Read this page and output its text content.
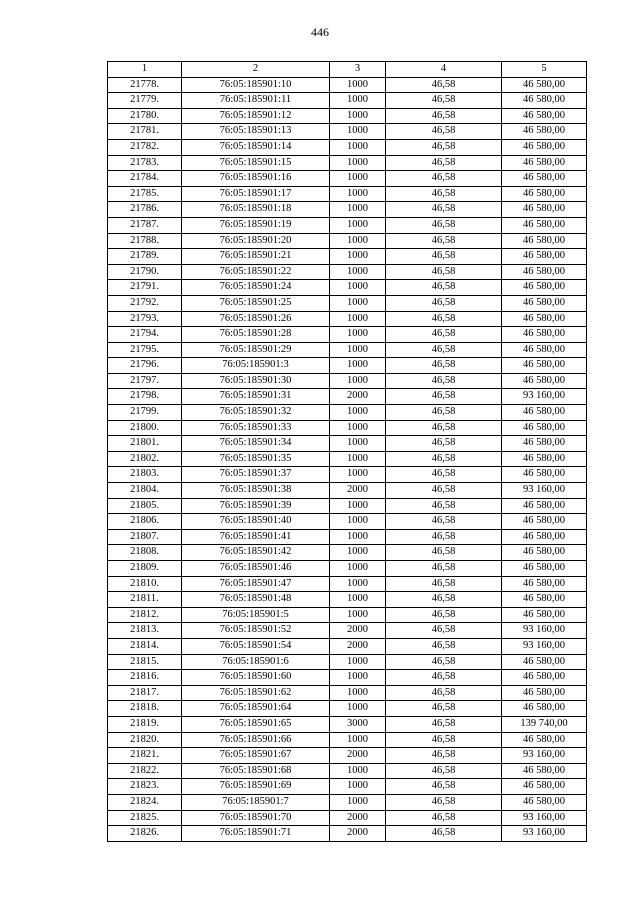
446
1	2	3	4	5
21778.	76:05:185901:10	1000	46,58	46 580,00
21779.	76:05:185901:11	1000	46,58	46 580,00
21780.	76:05:185901:12	1000	46,58	46 580,00
21781.	76:05:185901:13	1000	46,58	46 580,00
21782.	76:05:185901:14	1000	46,58	46 580,00
21783.	76:05:185901:15	1000	46,58	46 580,00
21784.	76:05:185901:16	1000	46,58	46 580,00
21785.	76:05:185901:17	1000	46,58	46 580,00
21786.	76:05:185901:18	1000	46,58	46 580,00
21787.	76:05:185901:19	1000	46,58	46 580,00
21788.	76:05:185901:20	1000	46,58	46 580,00
21789.	76:05:185901:21	1000	46,58	46 580,00
21790.	76:05:185901:22	1000	46,58	46 580,00
21791.	76:05:185901:24	1000	46,58	46 580,00
21792.	76:05:185901:25	1000	46,58	46 580,00
21793.	76:05:185901:26	1000	46,58	46 580,00
21794.	76:05:185901:28	1000	46,58	46 580,00
21795.	76:05:185901:29	1000	46,58	46 580,00
21796.	76:05:185901:3	1000	46,58	46 580,00
21797.	76:05:185901:30	1000	46,58	46 580,00
21798.	76:05:185901:31	2000	46,58	93 160,00
21799.	76:05:185901:32	1000	46,58	46 580,00
21800.	76:05:185901:33	1000	46,58	46 580,00
21801.	76:05:185901:34	1000	46,58	46 580,00
21802.	76:05:185901:35	1000	46,58	46 580,00
21803.	76:05:185901:37	1000	46,58	46 580,00
21804.	76:05:185901:38	2000	46,58	93 160,00
21805.	76:05:185901:39	1000	46,58	46 580,00
21806.	76:05:185901:40	1000	46,58	46 580,00
21807.	76:05:185901:41	1000	46,58	46 580,00
21808.	76:05:185901:42	1000	46,58	46 580,00
21809.	76:05:185901:46	1000	46,58	46 580,00
21810.	76:05:185901:47	1000	46,58	46 580,00
21811.	76:05:185901:48	1000	46,58	46 580,00
21812.	76:05:185901:5	1000	46,58	46 580,00
21813.	76:05:185901:52	2000	46,58	93 160,00
21814.	76:05:185901:54	2000	46,58	93 160,00
21815.	76:05:185901:6	1000	46,58	46 580,00
21816.	76:05:185901:60	1000	46,58	46 580,00
21817.	76:05:185901:62	1000	46,58	46 580,00
21818.	76:05:185901:64	1000	46,58	46 580,00
21819.	76:05:185901:65	3000	46,58	139 740,00
21820.	76:05:185901:66	1000	46,58	46 580,00
21821.	76:05:185901:67	2000	46,58	93 160,00
21822.	76:05:185901:68	1000	46,58	46 580,00
21823.	76:05:185901:69	1000	46,58	46 580,00
21824.	76:05:185901:7	1000	46,58	46 580,00
21825.	76:05:185901:70	2000	46,58	93 160,00
21826.	76:05:185901:71	2000	46,58	93 160,00
